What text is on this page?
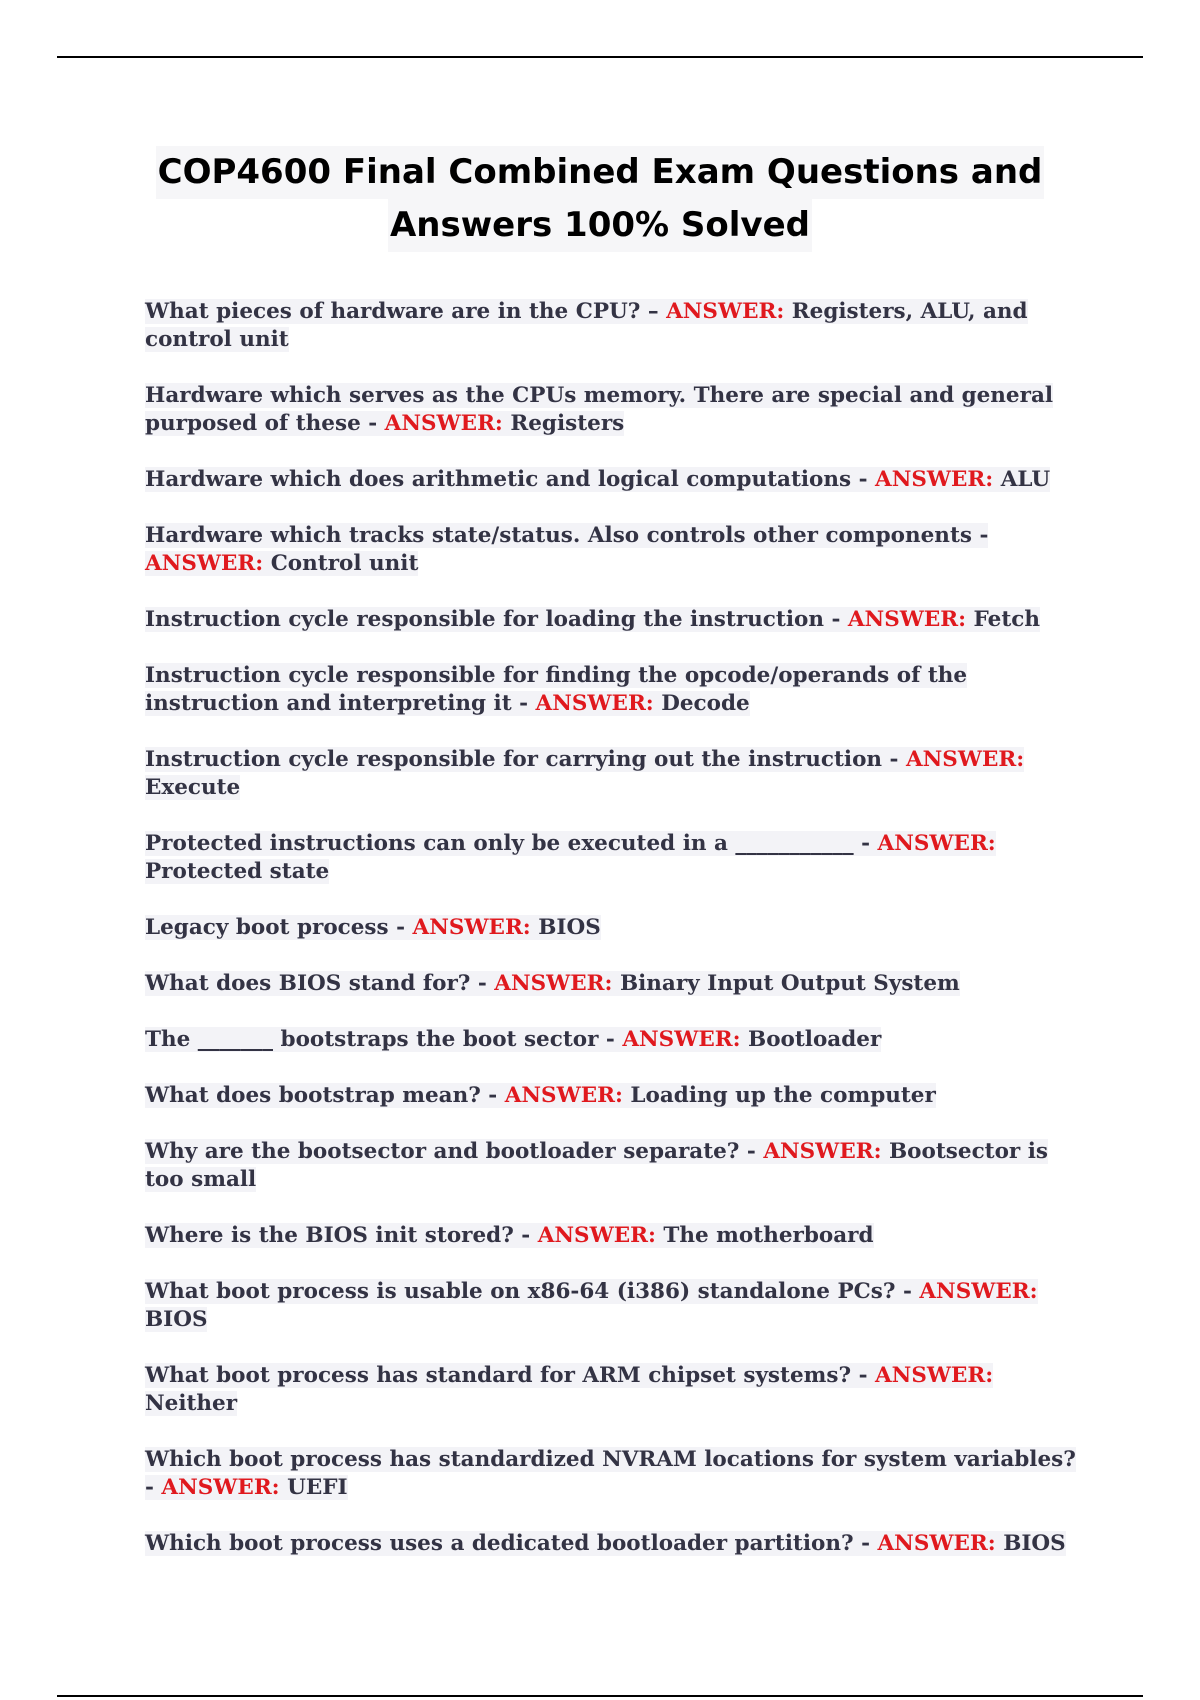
COP4600 Final Combined Exam Questions and
Answers 100% Solved
What pieces of hardware are in the CPU? – ANSWER: Registers, ALU, and control unit
Hardware which serves as the CPUs memory. There are special and general purposed of these - ANSWER: Registers
Hardware which does arithmetic and logical computations - ANSWER: ALU
Hardware which tracks state/status. Also controls other components - ANSWER: Control unit
Instruction cycle responsible for loading the instruction - ANSWER: Fetch
Instruction cycle responsible for finding the opcode/operands of the instruction and interpreting it - ANSWER: Decode
Instruction cycle responsible for carrying out the instruction - ANSWER: Execute
Protected instructions can only be executed in a ___________ - ANSWER: Protected state
Legacy boot process - ANSWER: BIOS
What does BIOS stand for? - ANSWER: Binary Input Output System
The _______ bootstraps the boot sector - ANSWER: Bootloader
What does bootstrap mean? - ANSWER: Loading up the computer
Why are the bootsector and bootloader separate? - ANSWER: Bootsector is too small
Where is the BIOS init stored? - ANSWER: The motherboard
What boot process is usable on x86-64 (i386) standalone PCs? - ANSWER: BIOS
What boot process has standard for ARM chipset systems? - ANSWER: Neither
Which boot process has standardized NVRAM locations for system variables? - ANSWER: UEFI
Which boot process uses a dedicated bootloader partition? - ANSWER: BIOS
